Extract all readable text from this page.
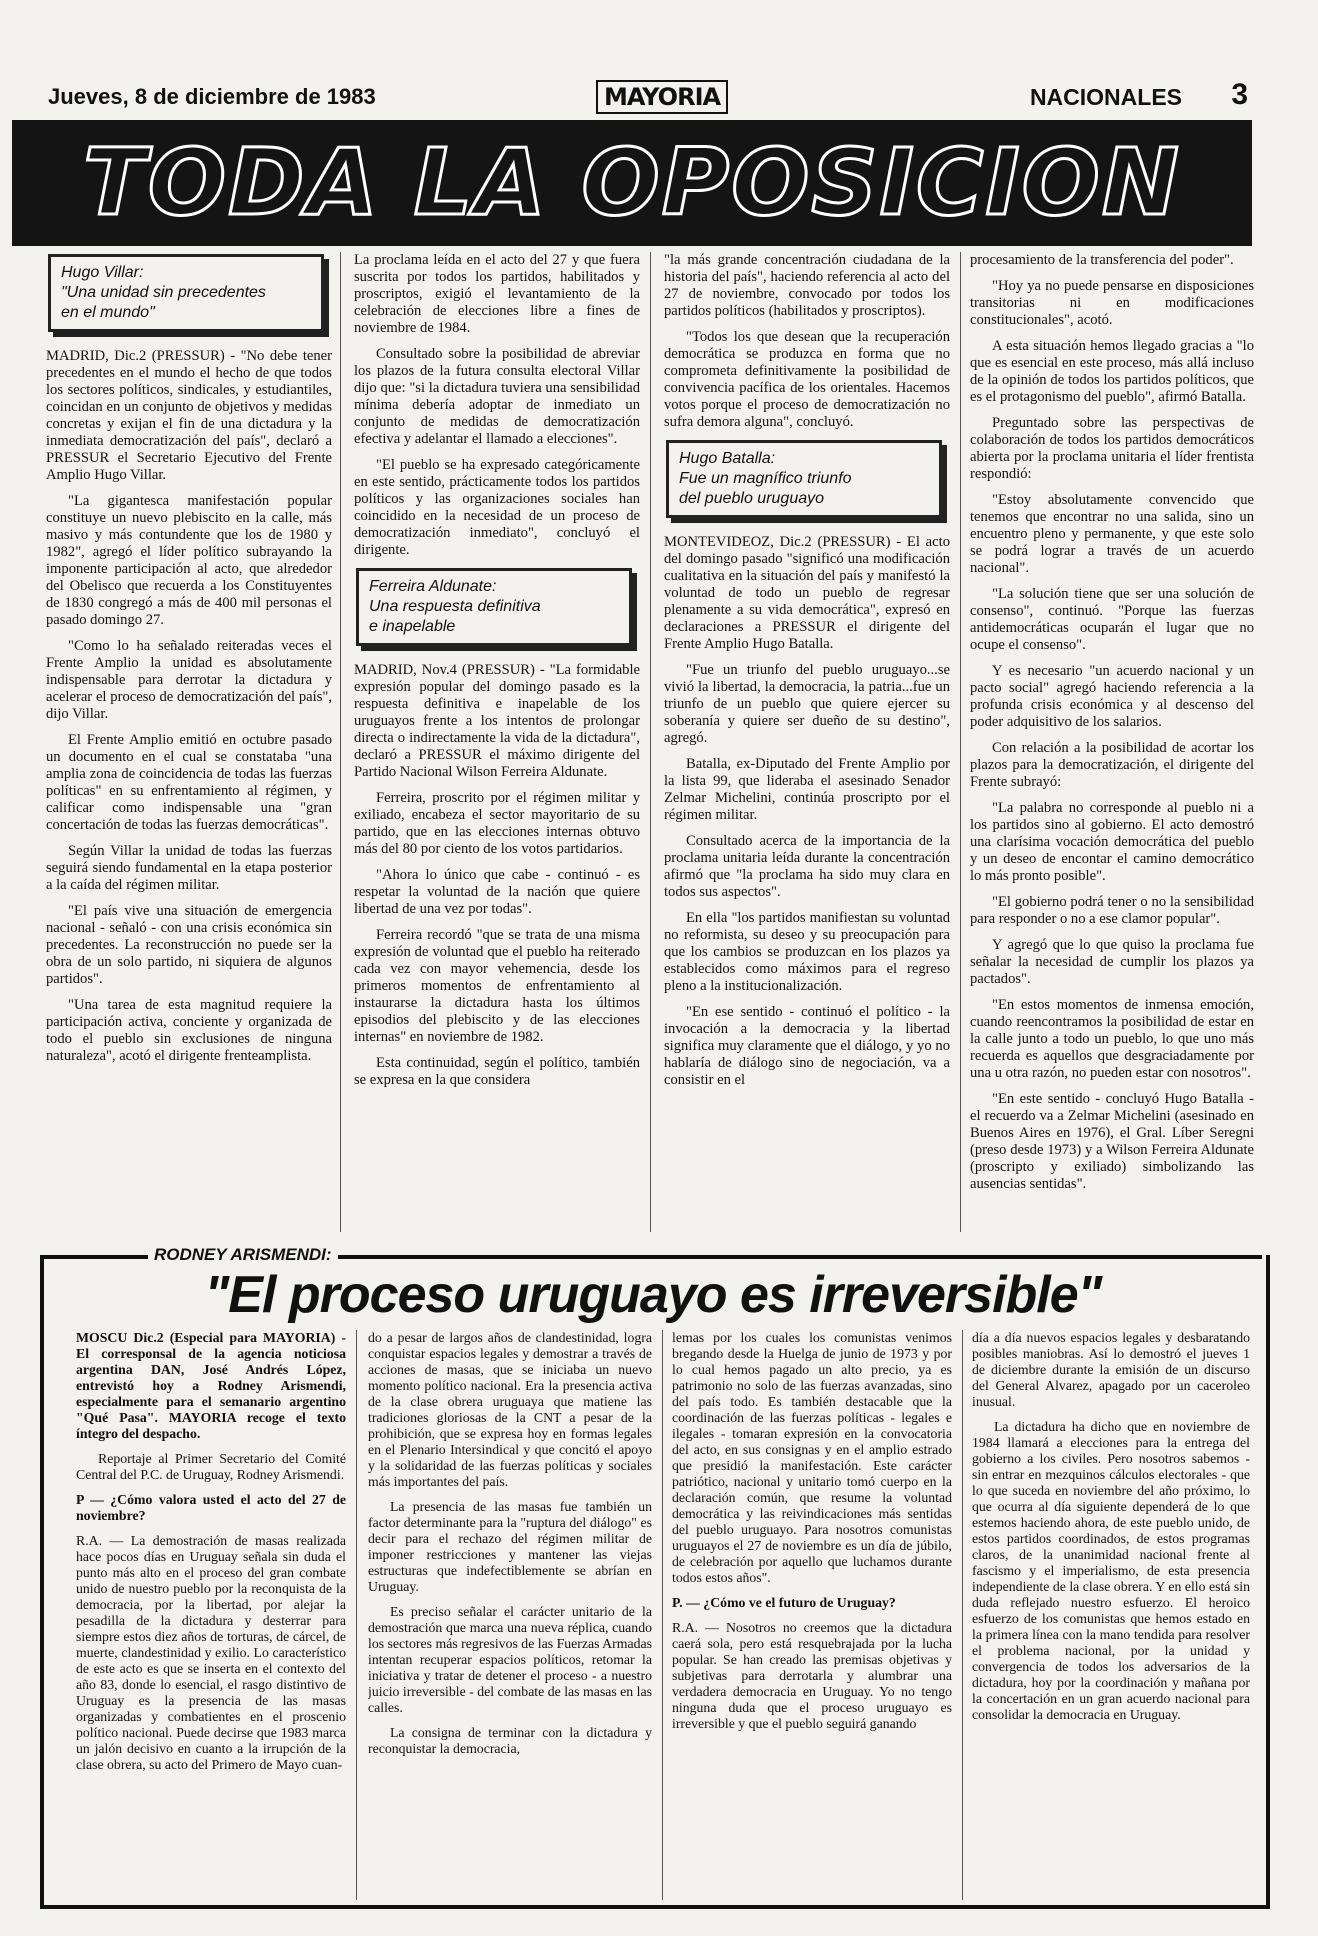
Jueves, 8 de diciembre de 1983	MAYORIA	NACIONALES 3
TODA LA OPOSICION
Hugo Villar:
"Una unidad sin precedentes
en el mundo"

MADRID, Dic.2 (PRESSUR) - "No debe tener precedentes en el mundo el hecho de que todos los sectores políticos, sindicales, y estudiantiles, coincidan en un conjunto de objetivos y medidas concretas y exijan el fin de una dictadura y la inmediata democratización del país", declaró a PRESSUR el Secretario Ejecutivo del Frente Amplio Hugo Villar.

"La gigantesca manifestación popular constituye un nuevo plebiscito en la calle, más masivo y más contundente que los de 1980 y 1982", agregó el líder político subrayando la imponente participación al acto, que alrededor del Obelisco que recuerda a los Constituyentes de 1830 congregó a más de 400 mil personas el pasado domingo 27.

"Como lo ha señalado reiteradas veces el Frente Amplio la unidad es absolutamente indispensable para derrotar la dictadura y acelerar el proceso de democratización del país", dijo Villar.

El Frente Amplio emitió en octubre pasado un documento en el cual se constataba "una amplia zona de coincidencia de todas las fuerzas políticas" en su enfrentamiento al régimen, y calificar como indispensable una "gran concertación de todas las fuerzas democráticas".

Según Villar la unidad de todas las fuerzas seguirá siendo fundamental en la etapa posterior a la caída del régimen militar.

"El país vive una situación de emergencia nacional - señaló - con una crisis económica sin precedentes. La reconstrucción no puede ser la obra de un solo partido, ni siquiera de algunos partidos".

"Una tarea de esta magnitud requiere la participación activa, conciente y organizada de todo el pueblo sin exclusiones de ninguna naturaleza", acotó el dirigente frenteamplista.

La proclama leída en el acto del 27 y que fuera suscrita por todos los partidos, habilitados y proscriptos, exigió el levantamiento de la celebración de elecciones libre a fines de noviembre de 1984.

Consultado sobre la posibilidad de abreviar los plazos de la futura consulta electoral Villar dijo que: "si la dictadura tuviera una sensibilidad mínima debería adoptar de inmediato un conjunto de medidas de democratización efectiva y adelantar el llamado a elecciones".

"El pueblo se ha expresado categóricamente en este sentido, prácticamente todos los partidos políticos y las organizaciones sociales han coincidido en la necesidad de un proceso de democratización inmediato", concluyó el dirigente.

Ferreira Aldunate:
Una respuesta definitiva
e inapelable

MADRID, Nov.4 (PRESSUR) - "La formidable expresión popular del domingo pasado es la respuesta definitiva e inapelable de los uruguayos frente a los intentos de prolongar directa o indirectamente la vida de la dictadura", declaró a PRESSUR el máximo dirigente del Partido Nacional Wilson Ferreira Aldunate.

Ferreira, proscrito por el régimen militar y exiliado, encabeza el sector mayoritario de su partido, que en las elecciones internas obtuvo más del 80 por ciento de los votos partidarios.

"Ahora lo único que cabe - continuó - es respetar la voluntad de la nación que quiere libertad de una vez por todas".

Ferreira recordó "que se trata de una misma expresión de voluntad que el pueblo ha reiterado cada vez con mayor vehemencia, desde los primeros momentos de enfrentamiento al instaurarse la dictadura hasta los últimos episodios del plebiscito y de las elecciones internas" en noviembre de 1982.

Esta continuidad, según el político, también se expresa en la que considera

"la más grande concentración ciudadana de la historia del país", haciendo referencia al acto del 27 de noviembre, convocado por todos los partidos políticos (habilitados y proscriptos).

"Todos los que desean que la recuperación democrática se produzca en forma que no comprometa definitivamente la posibilidad de convivencia pacífica de los orientales. Hacemos votos porque el proceso de democratización no sufra demora alguna", concluyó.

Hugo Batalla:
Fue un magnífico triunfo
del pueblo uruguayo

MONTEVIDEOZ, Dic.2 (PRESSUR) - El acto del domingo pasado "significó una modificación cualitativa en la situación del país y manifestó la voluntad de todo un pueblo de regresar plenamente a su vida democrática", expresó en declaraciones a PRESSUR el dirigente del Frente Amplio Hugo Batalla.

"Fue un triunfo del pueblo uruguayo...se vivió la libertad, la democracia, la patria...fue un triunfo de un pueblo que quiere ejercer su soberanía y quiere ser dueño de su destino", agregó.

Batalla, ex-Diputado del Frente Amplio por la lista 99, que lideraba el asesinado Senador Zelmar Michelini, continúa proscripto por el régimen militar.

Consultado acerca de la importancia de la proclama unitaria leída durante la concentración afirmó que "la proclama ha sido muy clara en todos sus aspectos".

En ella "los partidos manifiestan su voluntad no reformista, su deseo y su preocupación para que los cambios se produzcan en los plazos ya establecidos como máximos para el regreso pleno a la institucionalización.

"En ese sentido - continuó el político - la invocación a la democracia y la libertad significa muy claramente que el diálogo, y yo no hablaría de diálogo sino de negociación, va a consistir en el

procesamiento de la transferencia del poder".

"Hoy ya no puede pensarse en disposiciones transitorias ni en modificaciones constitucionales", acotó.

A esta situación hemos llegado gracias a "lo que es esencial en este proceso, más allá incluso de la opinión de todos los partidos políticos, que es el protagonismo del pueblo", afirmó Batalla.

Preguntado sobre las perspectivas de colaboración de todos los partidos democráticos abierta por la proclama unitaria el líder frentista respondió:

"Estoy absolutamente convencido que tenemos que encontrar no una salida, sino un encuentro pleno y permanente, y que este solo se podrá lograr a través de un acuerdo nacional".

"La solución tiene que ser una solución de consenso", continuó. "Porque las fuerzas antidemocráticas ocuparán el lugar que no ocupe el consenso".

Y es necesario "un acuerdo nacional y un pacto social" agregó haciendo referencia a la profunda crisis económica y al descenso del poder adquisitivo de los salarios.

Con relación a la posibilidad de acortar los plazos para la democratización, el dirigente del Frente subrayó:

"La palabra no corresponde al pueblo ni a los partidos sino al gobierno. El acto demostró una clarísima vocación democrática del pueblo y un deseo de encontar el camino democrático lo más pronto posible".

"El gobierno podrá tener o no la sensibilidad para responder o no a ese clamor popular".

Y agregó que lo que quiso la proclama fue señalar la necesidad de cumplir los plazos ya pactados".

"En estos momentos de inmensa emoción, cuando reencontramos la posibilidad de estar en la calle junto a todo un pueblo, lo que uno más recuerda es aquellos que desgraciadamente por una u otra razón, no pueden estar con nosotros".

"En este sentido - concluyó Hugo Batalla - el recuerdo va a Zelmar Michelini (asesinado en Buenos Aires en 1976), el Gral. Líber Seregni (preso desde 1973) y a Wilson Ferreira Aldunate (proscripto y exiliado) simbolizando las ausencias sentidas".

RODNEY ARISMENDI:
"El proceso uruguayo es irreversible"

MOSCU Dic.2 (Especial para MAYORIA) - El corresponsal de la agencia noticiosa argentina DAN, José Andrés López, entrevistó hoy a Rodney Arismendi, especialmente para el semanario argentino "Qué Pasa". MAYORIA recoge el texto íntegro del despacho.

Reportaje al Primer Secretario del Comité Central del P.C. de Uruguay, Rodney Arismendi.

P — ¿Cómo valora usted el acto del 27 de noviembre?

R.A. — La demostración de masas realizada hace pocos días en Uruguay señala sin duda el punto más alto en el proceso del gran combate unido de nuestro pueblo por la reconquista de la democracia, por la libertad, por alejar la pesadilla de la dictadura y desterrar para siempre estos diez años de torturas, de cárcel, de muerte, clandestinidad y exilio. Lo característico de este acto es que se inserta en el contexto del año 83, donde lo esencial, el rasgo distintivo de Uruguay es la presencia de las masas organizadas y combatientes en el proscenio político nacional. Puede decirse que 1983 marca un jalón decisivo en cuanto a la irrupción de la clase obrera, su acto del Primero de Mayo cuan-

do a pesar de largos años de clandestinidad, logra conquistar espacios legales y demostrar a través de acciones de masas, que se iniciaba un nuevo momento político nacional. Era la presencia activa de la clase obrera uruguaya que matiene las tradiciones gloriosas de la CNT a pesar de la prohibición, que se expresa hoy en formas legales en el Plenario Intersindical y que concitó el apoyo y la solidaridad de las fuerzas políticas y sociales más importantes del país.

La presencia de las masas fue también un factor determinante para la "ruptura del diálogo" es decir para el rechazo del régimen militar de imponer restricciones y mantener las viejas estructuras que indefectiblemente se abrían en Uruguay.

Es preciso señalar el carácter unitario de la demostración que marca una nueva réplica, cuando los sectores más regresivos de las Fuerzas Armadas intentan recuperar espacios políticos, retomar la iniciativa y tratar de detener el proceso - a nuestro juicio irreversible - del combate de las masas en las calles.

La consigna de terminar con la dictadura y reconquistar la democracia,

lemas por los cuales los comunistas venimos bregando desde la Huelga de junio de 1973 y por lo cual hemos pagado un alto precio, ya es patrimonio no solo de las fuerzas avanzadas, sino del país todo. Es también destacable que la coordinación de las fuerzas políticas - legales e ilegales - tomaran expresión en la convocatoria del acto, en sus consignas y en el amplio estrado que presidió la manifestación. Este carácter patriótico, nacional y unitario tomó cuerpo en la declaración común, que resume la voluntad democrática y las reivindicaciones más sentidas del pueblo uruguayo. Para nosotros comunistas uruguayos el 27 de noviembre es un día de júbilo, de celebración por aquello que luchamos durante todos estos años".

P. — ¿Cómo ve el futuro de Uruguay?

R.A. — Nosotros no creemos que la dictadura caerá sola, pero está resquebrajada por la lucha popular. Se han creado las premisas objetivas y subjetivas para derrotarla y alumbrar una verdadera democracia en Uruguay. Yo no tengo ninguna duda que el proceso uruguayo es irreversible y que el pueblo seguirá ganando

día a día nuevos espacios legales y desbaratando posibles maniobras. Así lo demostró el jueves 1 de diciembre durante la emisión de un discurso del General Alvarez, apagado por un caceroleo inusual.

La dictadura ha dicho que en noviembre de 1984 llamará a elecciones para la entrega del gobierno a los civiles. Pero nosotros sabemos - sin entrar en mezquinos cálculos electorales - que lo que suceda en noviembre del año próximo, lo que ocurra al día siguiente dependerá de lo que estemos haciendo ahora, de este pueblo unido, de estos partidos coordinados, de estos programas claros, de la unanimidad nacional frente al fascismo y el imperialismo, de esta presencia independiente de la clase obrera. Y en ello está sin duda reflejado nuestro esfuerzo. El heroico esfuerzo de los comunistas que hemos estado en la primera línea con la mano tendida para resolver el problema nacional, por la unidad y convergencia de todos los adversarios de la dictadura, hoy por la coordinación y mañana por la concertación en un gran acuerdo nacional para consolidar la democracia en Uruguay.
